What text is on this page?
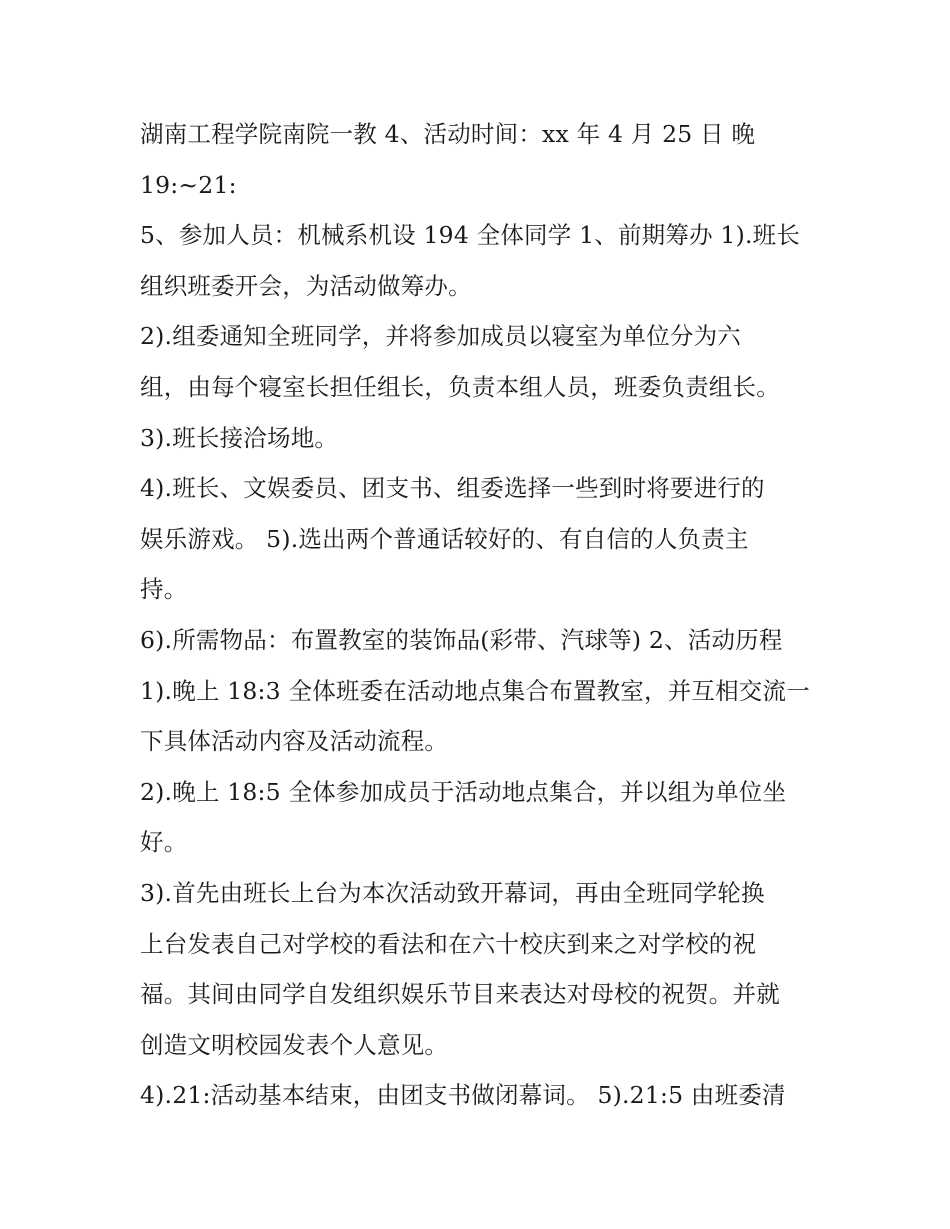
湖南工程学院南院一教 4、活动时间：xx 年 4 月 25 日 晚
19:~21:
5、参加人员：机械系机设 194 全体同学 1、前期筹办 1).班长
组织班委开会，为活动做筹办。
2).组委通知全班同学，并将参加成员以寝室为单位分为六
组，由每个寝室长担任组长，负责本组人员，班委负责组长。
3).班长接洽场地。
4).班长、文娱委员、团支书、组委选择一些到时将要进行的
娱乐游戏。 5).选出两个普通话较好的、有自信的人负责主
持。
6).所需物品：布置教室的装饰品(彩带、汽球等) 2、活动历程
1).晚上 18:3 全体班委在活动地点集合布置教室，并互相交流一
下具体活动内容及活动流程。
2).晚上 18:5 全体参加成员于活动地点集合，并以组为单位坐
好。
3).首先由班长上台为本次活动致开幕词，再由全班同学轮换
上台发表自己对学校的看法和在六十校庆到来之对学校的祝
福。其间由同学自发组织娱乐节目来表达对母校的祝贺。并就
创造文明校园发表个人意见。
4).21:活动基本结束，由团支书做闭幕词。 5).21:5 由班委清
